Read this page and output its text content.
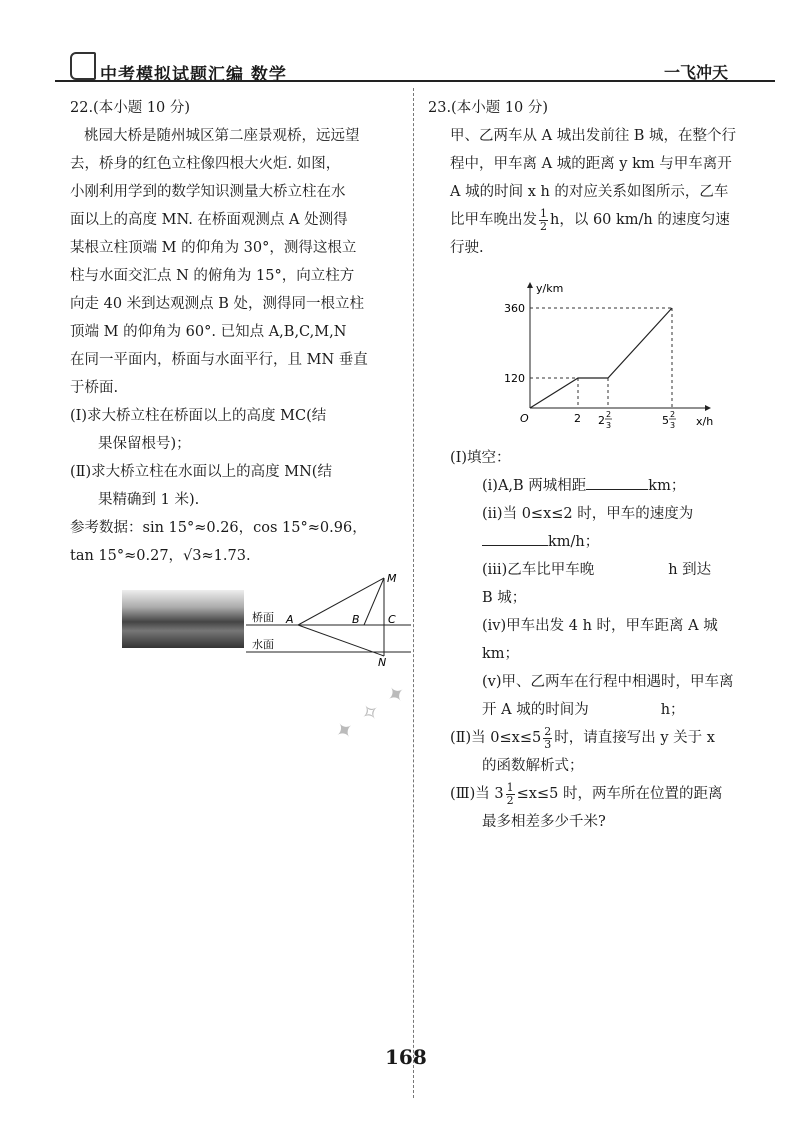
中考模拟试题汇编 数学	一飞冲天

22.(本小题 10 分)

桃园大桥是随州城区第二座景观桥，远远望

去，桥身的红色立柱像四根大火炬. 如图，

小刚利用学到的数学知识测量大桥立柱在水

面以上的高度 MN. 在桥面观测点 A 处测得

某根立柱顶端 M 的仰角为 30°，测得这根立

柱与水面交汇点 N 的俯角为 15°，向立柱方

向走 40 米到达观测点 B 处，测得同一根立柱

顶端 M 的仰角为 60°. 已知点 A,B,C,M,N

在同一平面内，桥面与水面平行，且 MN 垂直

于桥面.

(Ⅰ)求大桥立柱在桥面以上的高度 MC(结

果保留根号)；

(Ⅱ)求大桥立柱在水面以上的高度 MN(结

果精确到 1 米).

参考数据：sin 15°≈0.26，cos 15°≈0.96，

tan 15°≈0.27，√3≈1.73.

桥面
水面
A	B	C
M
N

23.(本小题 10 分)

甲、乙两车从 A 城出发前往 B 城，在整个行

程中，甲车离 A 城的距离 y km 与甲车离开

A 城的时间 x h 的对应关系如图所示，乙车

比甲车晚出发 $\frac{1}{2}$ h，以 60 km/h 的速度匀速

行驶.

y/km
x/h
O
360
120
2 2 2
3	5 2
3

(Ⅰ)填空：

(ⅰ)A,B 两城相距	km；

(ⅱ)当 0≤x≤2 时，甲车的速度为

km/h；

(ⅲ)乙车比甲车晚	h 到达

B 城；

(ⅳ)甲车出发 4 h 时，甲车距离 A 城

km；

(ⅴ)甲、乙两车在行程中相遇时，甲车离

开 A 城的时间为	h；

(Ⅱ)当 $0\le x\le 5 \frac{2}{3}$ 时，请直接写出 y 关于 x

的函数解析式；

(Ⅲ)当 $3 \frac{1}{2} \le x\le 5$ 时，两车所在位置的距离

最多相差多少千米?

✦ ✧ ✦
168
